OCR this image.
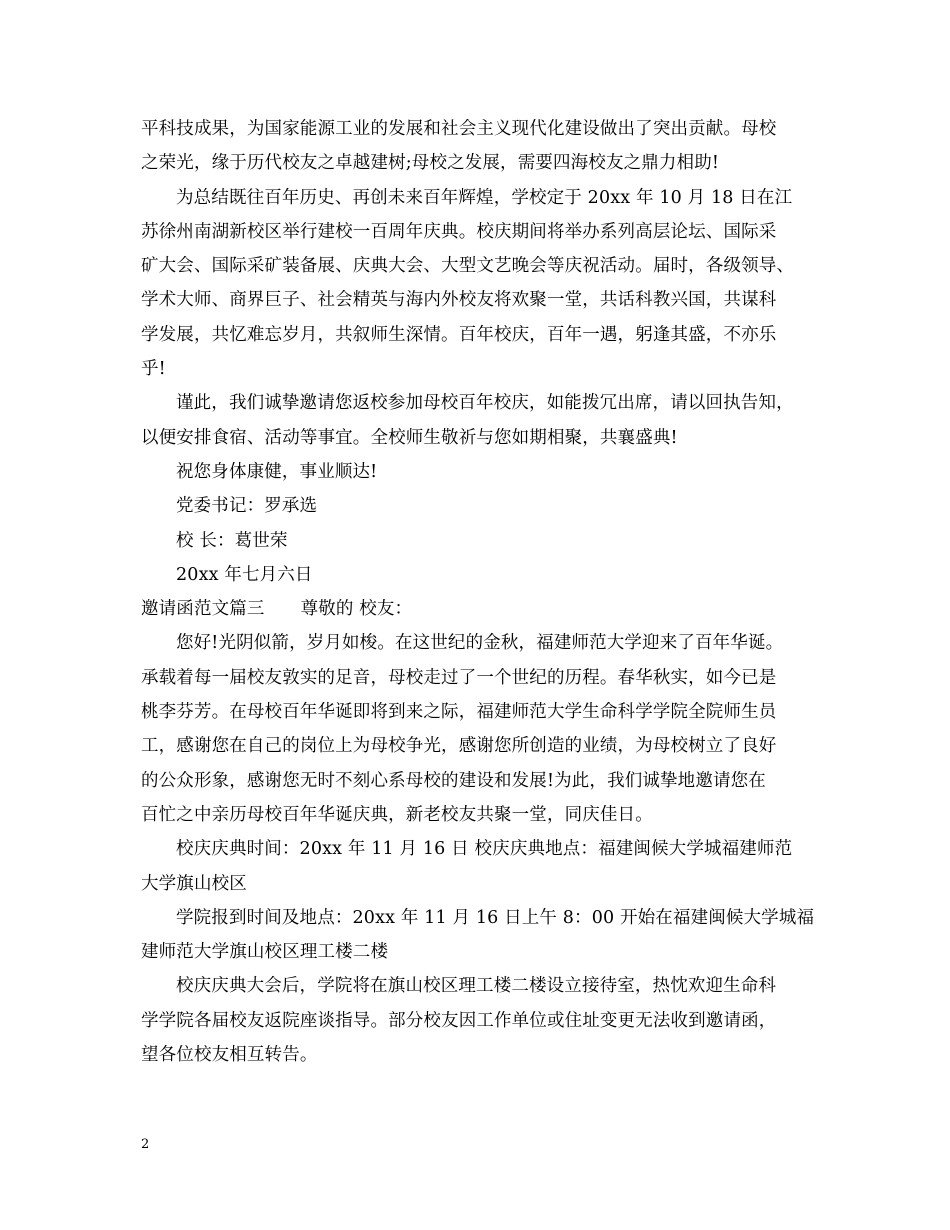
平科技成果，为国家能源工业的发展和社会主义现代化建设做出了突出贡献。母校
之荣光，缘于历代校友之卓越建树;母校之发展，需要四海校友之鼎力相助!
为总结既往百年历史、再创未来百年辉煌，学校定于 20xx 年 10 月 18 日在江
苏徐州南湖新校区举行建校一百周年庆典。校庆期间将举办系列高层论坛、国际采
矿大会、国际采矿装备展、庆典大会、大型文艺晚会等庆祝活动。届时，各级领导、
学术大师、商界巨子、社会精英与海内外校友将欢聚一堂，共话科教兴国，共谋科
学发展，共忆难忘岁月，共叙师生深情。百年校庆，百年一遇，躬逢其盛，不亦乐
乎!
谨此，我们诚挚邀请您返校参加母校百年校庆，如能拨冗出席，请以回执告知，
以便安排食宿、活动等事宜。全校师生敬祈与您如期相聚，共襄盛典!
祝您身体康健，事业顺达!
党委书记：罗承选
校 长：葛世荣
20xx 年七月六日
邀请函范文篇三 尊敬的 校友：
您好!光阴似箭，岁月如梭。在这世纪的金秋，福建师范大学迎来了百年华诞。
承载着每一届校友敦实的足音，母校走过了一个世纪的历程。春华秋实，如今已是
桃李芬芳。在母校百年华诞即将到来之际，福建师范大学生命科学学院全院师生员
工，感谢您在自己的岗位上为母校争光，感谢您所创造的业绩，为母校树立了良好
的公众形象，感谢您无时不刻心系母校的建设和发展!为此，我们诚挚地邀请您在
百忙之中亲历母校百年华诞庆典，新老校友共聚一堂，同庆佳日。
校庆庆典时间：20xx 年 11 月 16 日 校庆庆典地点：福建闽候大学城福建师范
大学旗山校区
学院报到时间及地点：20xx 年 11 月 16 日上午 8：00 开始在福建闽候大学城福
建师范大学旗山校区理工楼二楼
校庆庆典大会后，学院将在旗山校区理工楼二楼设立接待室，热忱欢迎生命科
学学院各届校友返院座谈指导。部分校友因工作单位或住址变更无法收到邀请函，
望各位校友相互转告。
2
